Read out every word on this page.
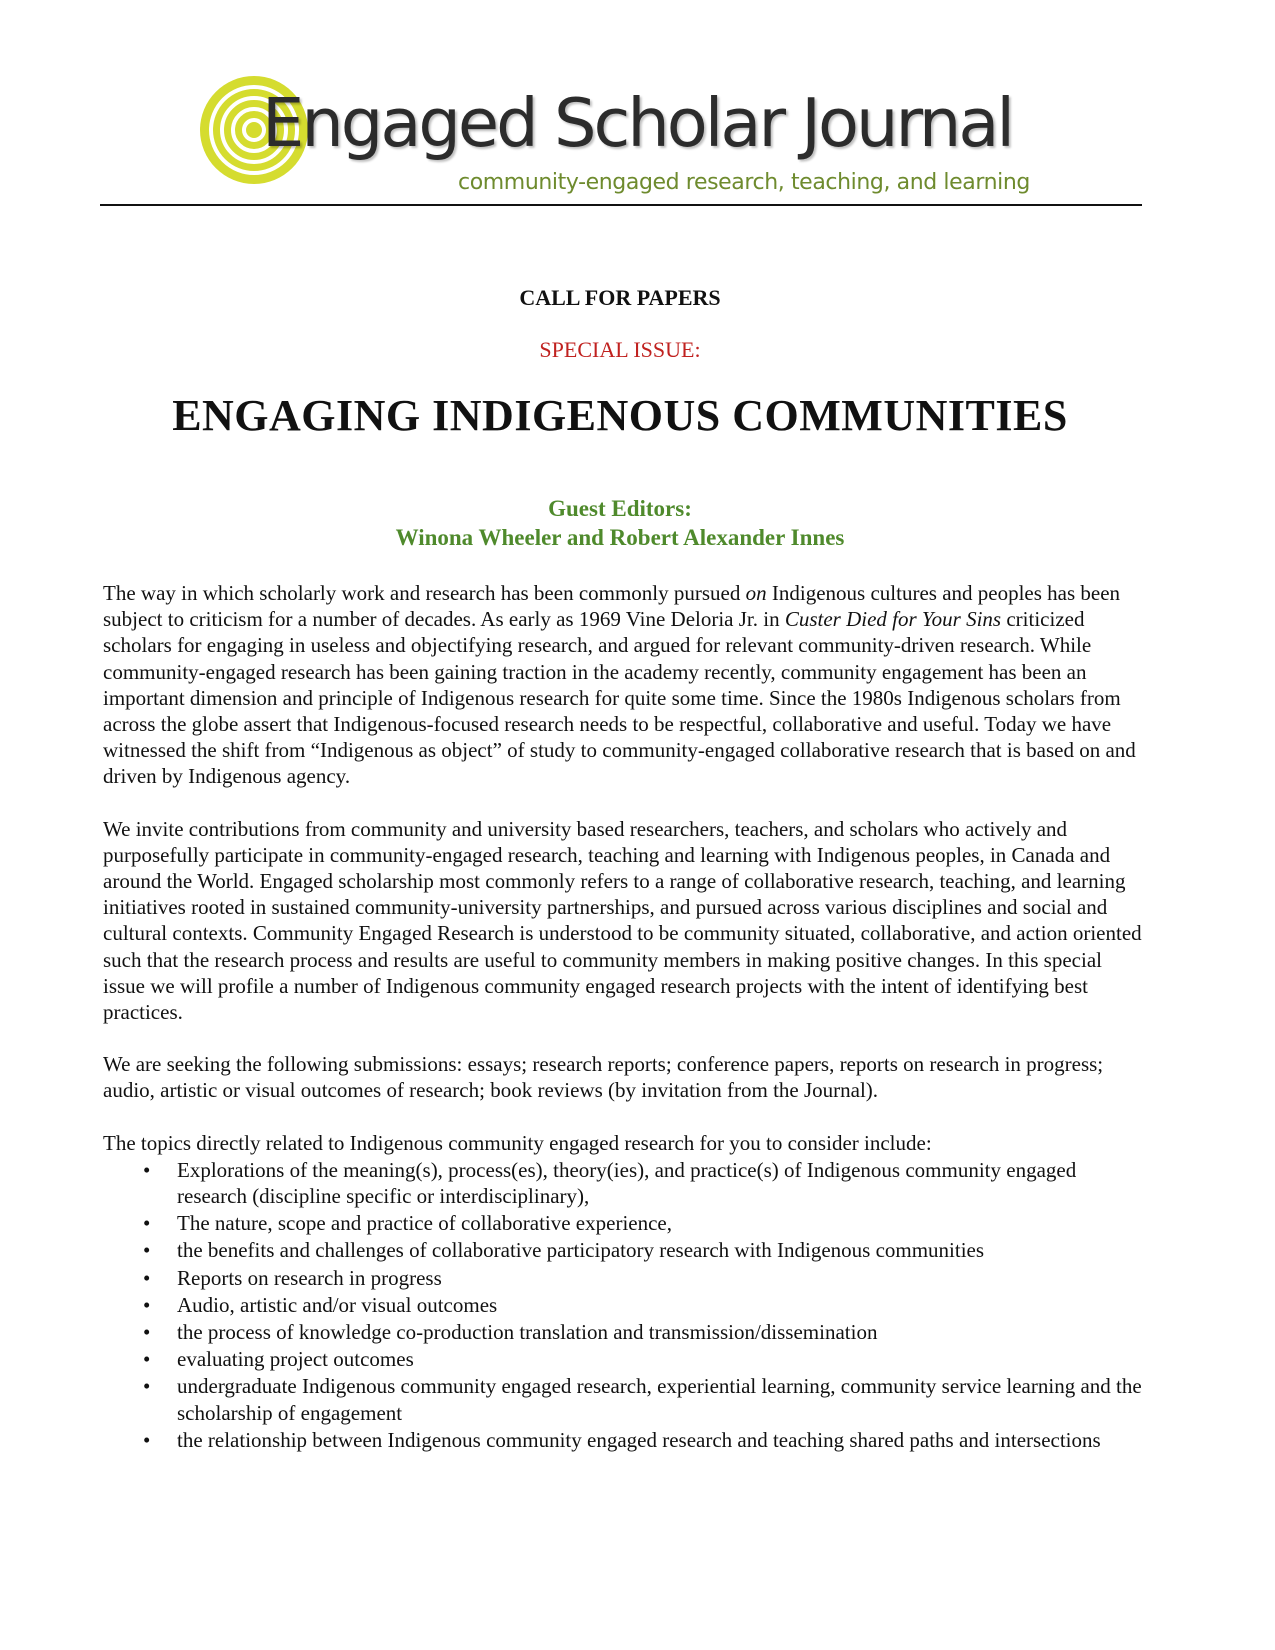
Engaged Scholar Journal
community-engaged research, teaching, and learning
CALL FOR PAPERS
SPECIAL ISSUE:
ENGAGING INDIGENOUS COMMUNITIES
Guest Editors:
Winona Wheeler and Robert Alexander Innes

The way in which scholarly work and research has been commonly pursued on Indigenous cultures and peoples has been subject to criticism for a number of decades. As early as 1969 Vine Deloria Jr. in Custer Died for Your Sins criticized scholars for engaging in useless and objectifying research, and argued for relevant community-driven research. While community-engaged research has been gaining traction in the academy recently, community engagement has been an important dimension and principle of Indigenous research for quite some time. Since the 1980s Indigenous scholars from across the globe assert that Indigenous-focused research needs to be respectful, collaborative and useful. Today we have witnessed the shift from “Indigenous as object” of study to community-engaged collaborative research that is based on and driven by Indigenous agency.

We invite contributions from community and university based researchers, teachers, and scholars who actively and purposefully participate in community-engaged research, teaching and learning with Indigenous peoples, in Canada and around the World. Engaged scholarship most commonly refers to a range of collaborative research, teaching, and learning initiatives rooted in sustained community-university partnerships, and pursued across various disciplines and social and cultural contexts. Community Engaged Research is understood to be community situated, collaborative, and action oriented such that the research process and results are useful to community members in making positive changes. In this special issue we will profile a number of Indigenous community engaged research projects with the intent of identifying best practices.

We are seeking the following submissions: essays; research reports; conference papers, reports on research in progress; audio, artistic or visual outcomes of research; book reviews (by invitation from the Journal).

The topics directly related to Indigenous community engaged research for you to consider include:

• Explorations of the meaning(s), process(es), theory(ies), and practice(s) of Indigenous community engaged research (discipline specific or interdisciplinary),
• The nature, scope and practice of collaborative experience,
• the benefits and challenges of collaborative participatory research with Indigenous communities
• Reports on research in progress
• Audio, artistic and/or visual outcomes
• the process of knowledge co-production translation and transmission/dissemination
• evaluating project outcomes
• undergraduate Indigenous community engaged research, experiential learning, community service learning and the scholarship of engagement
• the relationship between Indigenous community engaged research and teaching shared paths and intersections
